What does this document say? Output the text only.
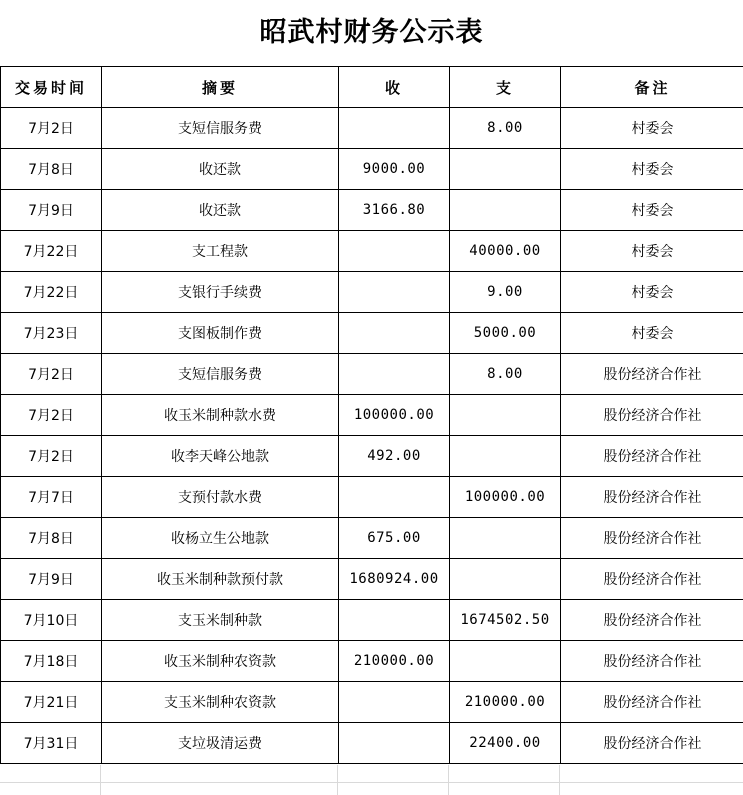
昭武村财务公示表
交易时间	摘要	收	支	备注
7月2日	支短信服务费		8.00	村委会
7月8日	收还款	9000.00		村委会
7月9日	收还款	3166.80		村委会
7月22日	支工程款		40000.00	村委会
7月22日	支银行手续费		9.00	村委会
7月23日	支图板制作费		5000.00	村委会
7月2日	支短信服务费		8.00	股份经济合作社
7月2日	收玉米制种款水费	100000.00		股份经济合作社
7月2日	收李天峰公地款	492.00		股份经济合作社
7月7日	支预付款水费		100000.00	股份经济合作社
7月8日	收杨立生公地款	675.00		股份经济合作社
7月9日	收玉米制种款预付款	1680924.00		股份经济合作社
7月10日	支玉米制种款		1674502.50	股份经济合作社
7月18日	收玉米制种农资款	210000.00		股份经济合作社
7月21日	支玉米制种农资款		210000.00	股份经济合作社
7月31日	支垃圾清运费		22400.00	股份经济合作社
